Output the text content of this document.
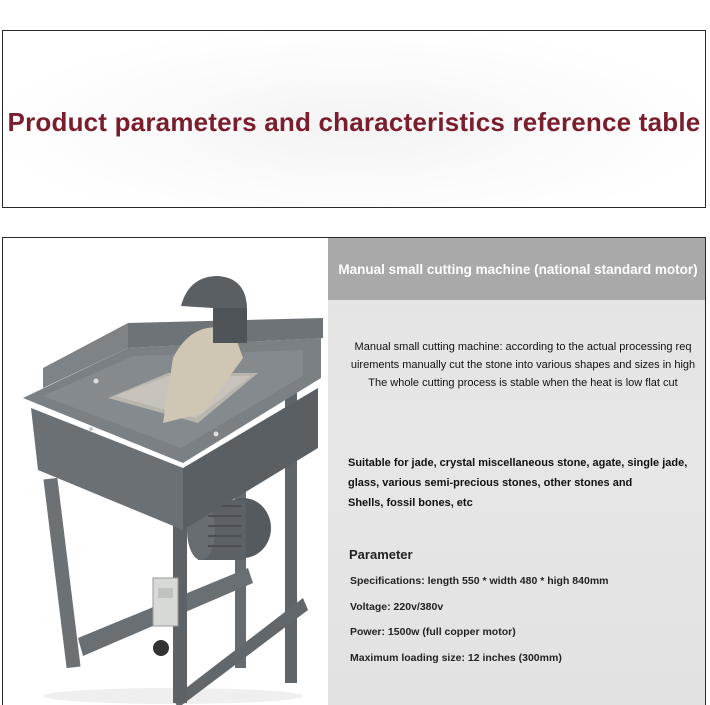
Product parameters and characteristics reference table
Manual small cutting machine (national standard motor)
Manual small cutting machine: according to the actual processing req
uirements manually cut the stone into various shapes and sizes in high
The whole cutting process is stable when the heat is low flat cut
Suitable for jade, crystal miscellaneous stone, agate, single jade,
glass, various semi-precious stones, other stones and
Shells, fossil bones, etc
Parameter
Specifications: length 550 * width 480 * high 840mm
Voltage: 220v/380v
Power: 1500w (full copper motor)
Maximum loading size: 12 inches (300mm)
